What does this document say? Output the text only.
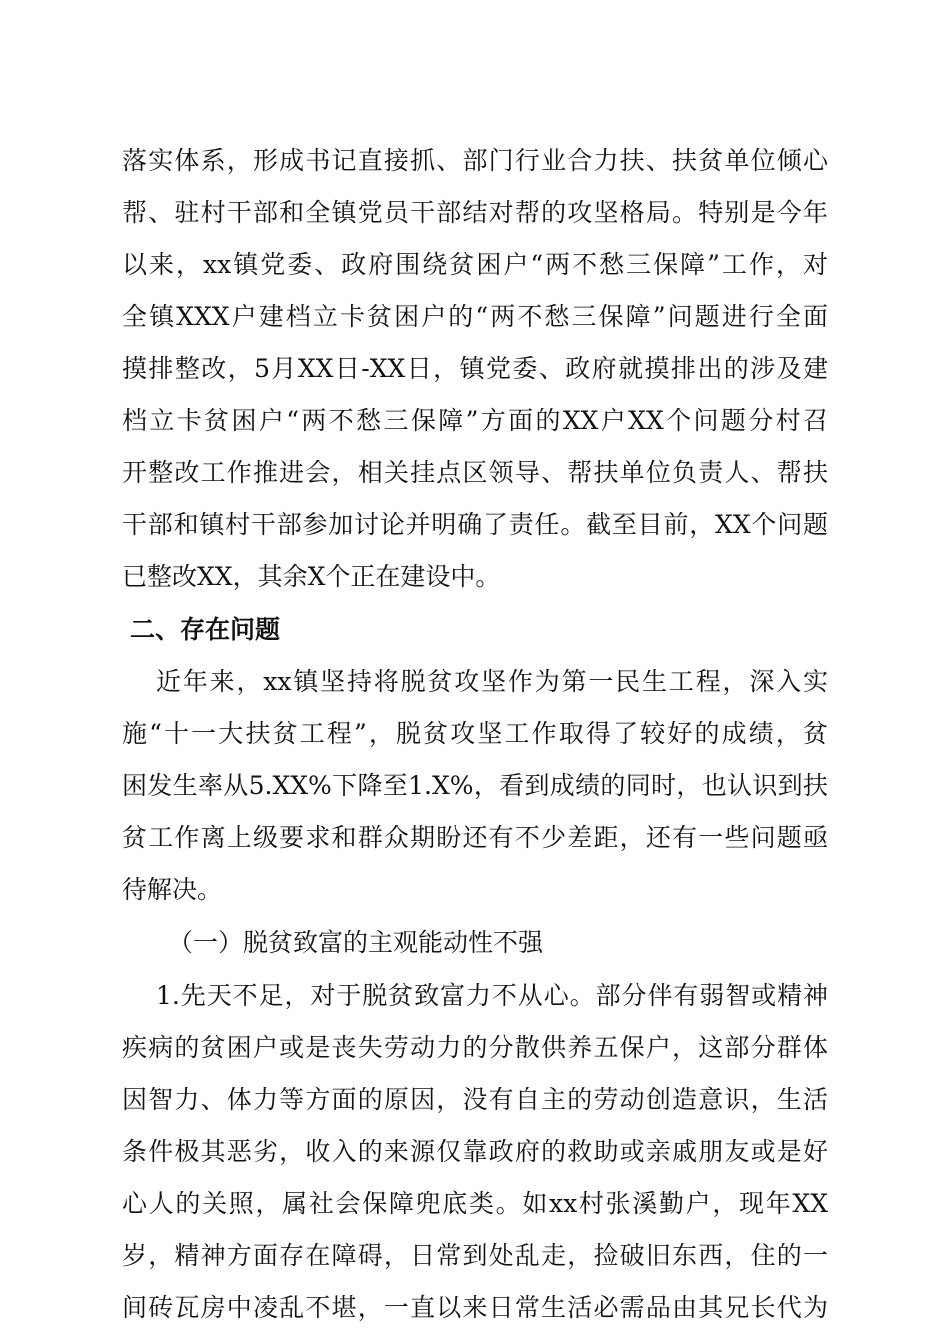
落实体系，形成书记直接抓、部门行业合力扶、扶贫单位倾心
帮、驻村干部和全镇党员干部结对帮的攻坚格局。特别是今年
以来，xx镇党委、政府围绕贫困户“两不愁三保障”工作，对
全镇XXX户建档立卡贫困户的“两不愁三保障”问题进行全面
摸排整改，5月XX日-XX日，镇党委、政府就摸排出的涉及建
档立卡贫困户“两不愁三保障”方面的XX户XX个问题分村召
开整改工作推进会，相关挂点区领导、帮扶单位负责人、帮扶
干部和镇村干部参加讨论并明确了责任。截至目前，XX个问题
已整改XX，其余X个正在建设中。
二、存在问题
近年来，xx镇坚持将脱贫攻坚作为第一民生工程，深入实
施“十一大扶贫工程”，脱贫攻坚工作取得了较好的成绩，贫
困发生率从5.XX%下降至1.X%，看到成绩的同时，也认识到扶
贫工作离上级要求和群众期盼还有不少差距，还有一些问题亟
待解决。
（一）脱贫致富的主观能动性不强
1.先天不足，对于脱贫致富力不从心。部分伴有弱智或精神
疾病的贫困户或是丧失劳动力的分散供养五保户，这部分群体
因智力、体力等方面的原因，没有自主的劳动创造意识，生活
条件极其恶劣，收入的来源仅靠政府的救助或亲戚朋友或是好
心人的关照，属社会保障兜底类。如xx村张溪勤户，现年XX
岁，精神方面存在障碍，日常到处乱走，捡破旧东西，住的一
间砖瓦房中凌乱不堪，一直以来日常生活必需品由其兄长代为
